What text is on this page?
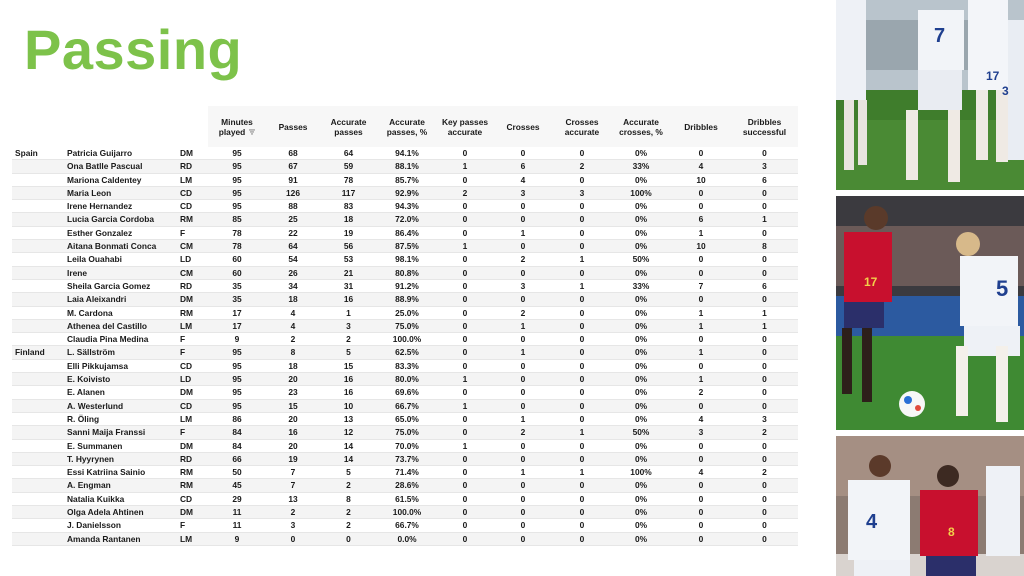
Passing
			Minutes played	Passes	Accurate passes	Accurate passes, %	Key passes accurate	Crosses	Crosses accurate	Accurate crosses, %	Dribbles	Dribbles successful
Spain	Patricia Guijarro	DM	95	68	64	94.1%	0	0	0	0%	0	0
	Ona Batlle Pascual	RD	95	67	59	88.1%	1	6	2	33%	4	3
	Mariona Caldentey	LM	95	91	78	85.7%	0	4	0	0%	10	6
	Maria Leon	CD	95	126	117	92.9%	2	3	3	100%	0	0
	Irene Hernandez	CD	95	88	83	94.3%	0	0	0	0%	0	0
	Lucia Garcia Cordoba	RM	85	25	18	72.0%	0	0	0	0%	6	1
	Esther Gonzalez	F	78	22	19	86.4%	0	1	0	0%	1	0
	Aitana Bonmati Conca	CM	78	64	56	87.5%	1	0	0	0%	10	8
	Leila Ouahabi	LD	60	54	53	98.1%	0	2	1	50%	0	0
	Irene	CM	60	26	21	80.8%	0	0	0	0%	0	0
	Sheila Garcia Gomez	RD	35	34	31	91.2%	0	3	1	33%	7	6
	Laia Aleixandri	DM	35	18	16	88.9%	0	0	0	0%	0	0
	M. Cardona	RM	17	4	1	25.0%	0	2	0	0%	1	1
	Athenea del Castillo	LM	17	4	3	75.0%	0	1	0	0%	1	1
	Claudia Pina Medina	F	9	2	2	100.0%	0	0	0	0%	0	0
Finland	L. Sällström	F	95	8	5	62.5%	0	1	0	0%	1	0
	Elli Pikkujamsa	CD	95	18	15	83.3%	0	0	0	0%	0	0
	E. Koivisto	LD	95	20	16	80.0%	1	0	0	0%	1	0
	E. Alanen	DM	95	23	16	69.6%	0	0	0	0%	2	0
	A. Westerlund	CD	95	15	10	66.7%	1	0	0	0%	0	0
	R. Öling	LM	86	20	13	65.0%	0	1	0	0%	4	3
	Sanni Maija Franssi	F	84	16	12	75.0%	0	2	1	50%	3	2
	E. Summanen	DM	84	20	14	70.0%	1	0	0	0%	0	0
	T. Hyyrynen	RD	66	19	14	73.7%	0	0	0	0%	0	0
	Essi Katriina Sainio	RM	50	7	5	71.4%	0	1	1	100%	4	2
	A. Engman	RM	45	7	2	28.6%	0	0	0	0%	0	0
	Natalia Kuikka	CD	29	13	8	61.5%	0	0	0	0%	0	0
	Olga Adela Ahtinen	DM	11	2	2	100.0%	0	0	0	0%	0	0
	J. Danielsson	F	11	3	2	66.7%	0	0	0	0%	0	0
	Amanda Rantanen	LM	9	0	0	0.0%	0	0	0	0%	0	0
7
17
3
17	5
4	8
